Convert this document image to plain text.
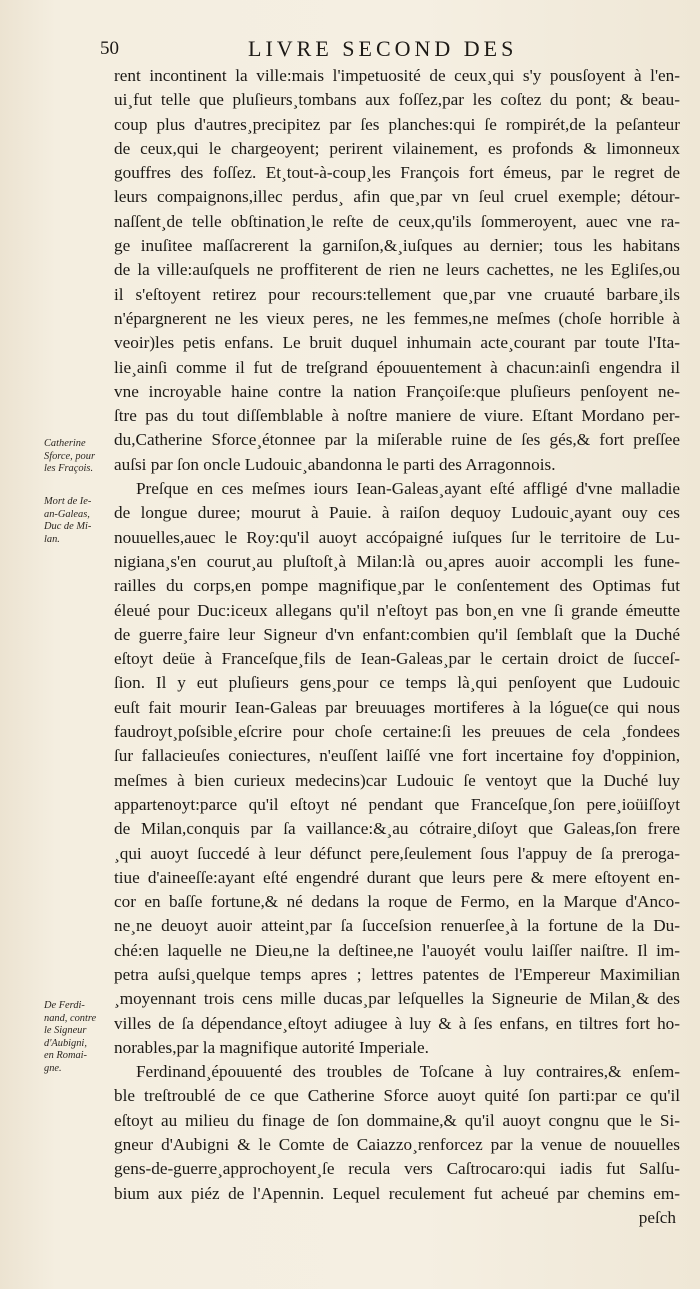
50	LIVRE SECOND DES
Catherine
Sforce, pour
les Fraçois.
Mort de Ie-
an-Galeas,
Duc de Mi-
lan.
De Ferdi-
nand, contre
le Signeur
d'Aubigni,
en Romai-
gne.
rent incontinent la ville:mais l'impetuosité de ceux¸qui s'y pousſoyent à l'en-
ui¸fut telle que pluſieurs¸tombans aux foſſez,par les coſtez du pont; & beau-
coup plus d'autres¸precipitez par ſes planches:qui ſe rompirét,de la peſanteur
de ceux,qui le chargeoyent; perirent vilainement, es profonds & limonneux
gouffres des foſſez. Et¸tout-à-coup¸les François fort émeus, par le regret de
leurs compaignons,illec perdus¸ afin que¸par vn ſeul cruel exemple; détour-
naſſent¸de telle obſtination¸le reſte de ceux,qu'ils ſommeroyent, auec vne ra-
ge inuſitee maſſacrerent la garniſon,&¸iuſques au dernier; tous les habitans
de la ville:auſquels ne proffiterent de rien ne leurs cachettes, ne les Egliſes,ou
il s'eſtoyent retirez pour recours:tellement que¸par vne cruauté barbare¸ils
n'épargnerent ne les vieux peres, ne les femmes,ne meſmes (choſe horrible à
veoir)les petis enfans. Le bruit duquel inhumain acte¸courant par toute l'Ita-
lie¸ainſi comme il fut de treſgrand épouuentement à chacun:ainſi engendra il
vne incroyable haine contre la nation Françoiſe:que pluſieurs penſoyent ne-
ſtre pas du tout diſſemblable à noſtre maniere de viure. Eſtant Mordano per-
du,Catherine Sforce¸étonnee par la miſerable ruine de ſes gés,& fort preſſee
auſsi par ſon oncle Ludouic¸abandonna le parti des Arragonnois.
Preſque en ces meſmes iours Iean-Galeas¸ayant eſté affligé d'vne malladie
de longue duree; mourut à Pauie. à raiſon dequoy Ludouic¸ayant ouy ces
nouuelles,auec le Roy:qu'il auoyt accópaigné iuſques ſur le territoire de Lu-
nigiana¸s'en courut¸au pluſtoſt¸à Milan:là ou¸apres auoir accompli les fune-
railles du corps,en pompe magnifique¸par le conſentement des Optimas fut
éleué pour Duc:iceux allegans qu'il n'eſtoyt pas bon¸en vne ſi grande émeutte
de guerre¸faire leur Signeur d'vn enfant:combien qu'il ſemblaſt que la Duché
eſtoyt deüe à Franceſque¸fils de Iean-Galeas¸par le certain droict de ſucceſ-
ſion. Il y eut pluſieurs gens¸pour ce temps là¸qui penſoyent que Ludouic
euſt fait mourir Iean-Galeas par breuuages mortiferes à la lógue(ce qui nous
faudroyt¸poſsible¸eſcrire pour choſe certaine:ſi les preuues de cela ¸fondees
ſur fallacieuſes coniectures, n'euſſent laiſſé vne fort incertaine foy d'oppinion,
meſmes à bien curieux medecins)car Ludouic ſe ventoyt que la Duché luy
appartenoyt:parce qu'il eſtoyt né pendant que Franceſque¸ſon pere¸ioüiſſoyt
de Milan,conquis par ſa vaillance:&¸au cótraire¸diſoyt que Galeas,ſon frere
¸qui auoyt ſuccedé à leur défunct pere,ſeulement ſous l'appuy de ſa preroga-
tiue d'aineeſſe:ayant eſté engendré durant que leurs pere & mere eſtoyent en-
cor en baſſe fortune,& né dedans la roque de Fermo, en la Marque d'Anco-
ne¸ne deuoyt auoir atteint¸par ſa ſucceſsion renuerſee¸à la fortune de la Du-
ché:en laquelle ne Dieu,ne la deſtinee,ne l'auoyét voulu laiſſer naiſtre. Il im-
petra auſsi¸quelque temps apres ; lettres patentes de l'Empereur Maximilian
¸moyennant trois cens mille ducas¸par leſquelles la Signeurie de Milan¸& des
villes de ſa dépendance¸eſtoyt adiugee à luy & à ſes enfans, en tiltres fort ho-
norables,par la magnifique autorité Imperiale.
Ferdinand¸épouuenté des troubles de Toſcane à luy contraires,& enſem-
ble treſtroublé de ce que Catherine Sforce auoyt quité ſon parti:par ce qu'il
eſtoyt au milieu du finage de ſon dommaine,& qu'il auoyt congnu que le Si-
gneur d'Aubigni & le Comte de Caiazzo¸renforcez par la venue de nouuelles
gens-de-guerre¸approchoyent¸ſe recula vers Caſtrocaro:qui iadis fut Salſu-
bium aux piéz de l'Apennin. Lequel reculement fut acheué par chemins em-
peſch
